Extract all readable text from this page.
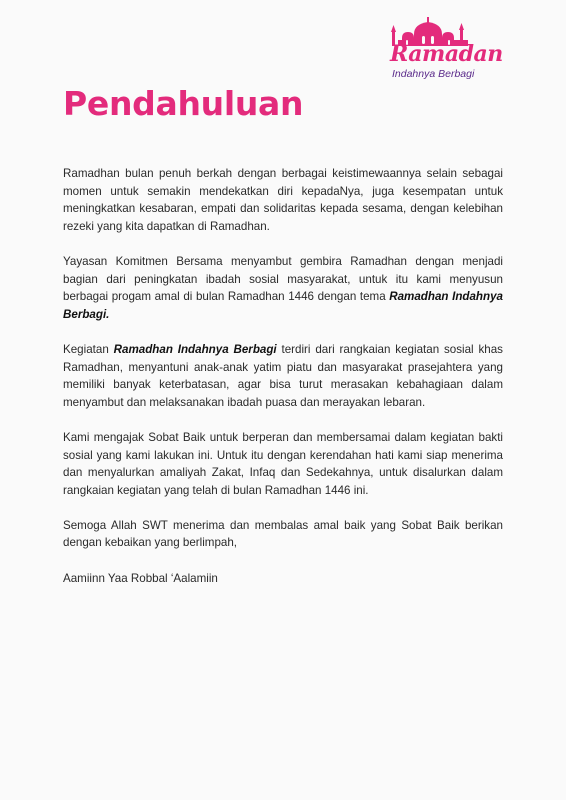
Ramadan
Indahnya Berbagi
Pendahuluan

Ramadhan bulan penuh berkah dengan berbagai keistimewaannya selain sebagai momen untuk semakin mendekatkan diri kepadaNya, juga kesempatan untuk meningkatkan kesabaran, empati dan solidaritas kepada sesama, dengan kelebihan rezeki yang kita dapatkan di Ramadhan.

Yayasan Komitmen Bersama menyambut gembira Ramadhan dengan menjadi bagian dari peningkatan ibadah sosial masyarakat, untuk itu kami menyusun berbagai progam amal di bulan Ramadhan 1446 dengan tema Ramadhan Indahnya Berbagi.

Kegiatan Ramadhan Indahnya Berbagi terdiri dari rangkaian kegiatan sosial khas Ramadhan, menyantuni anak-anak yatim piatu dan masyarakat prasejahtera yang memiliki banyak keterbatasan, agar bisa turut merasakan kebahagiaan dalam menyambut dan melaksanakan ibadah puasa dan merayakan lebaran.

Kami mengajak Sobat Baik untuk berperan dan membersamai dalam kegiatan bakti sosial yang kami lakukan ini. Untuk itu dengan kerendahan hati kami siap menerima dan menyalurkan amaliyah Zakat, Infaq dan Sedekahnya, untuk disalurkan dalam rangkaian kegiatan yang telah di bulan Ramadhan 1446 ini.

Semoga Allah SWT menerima dan membalas amal baik yang Sobat Baik berikan dengan kebaikan yang berlimpah,

Aamiinn Yaa Robbal ‘Aalamiin
